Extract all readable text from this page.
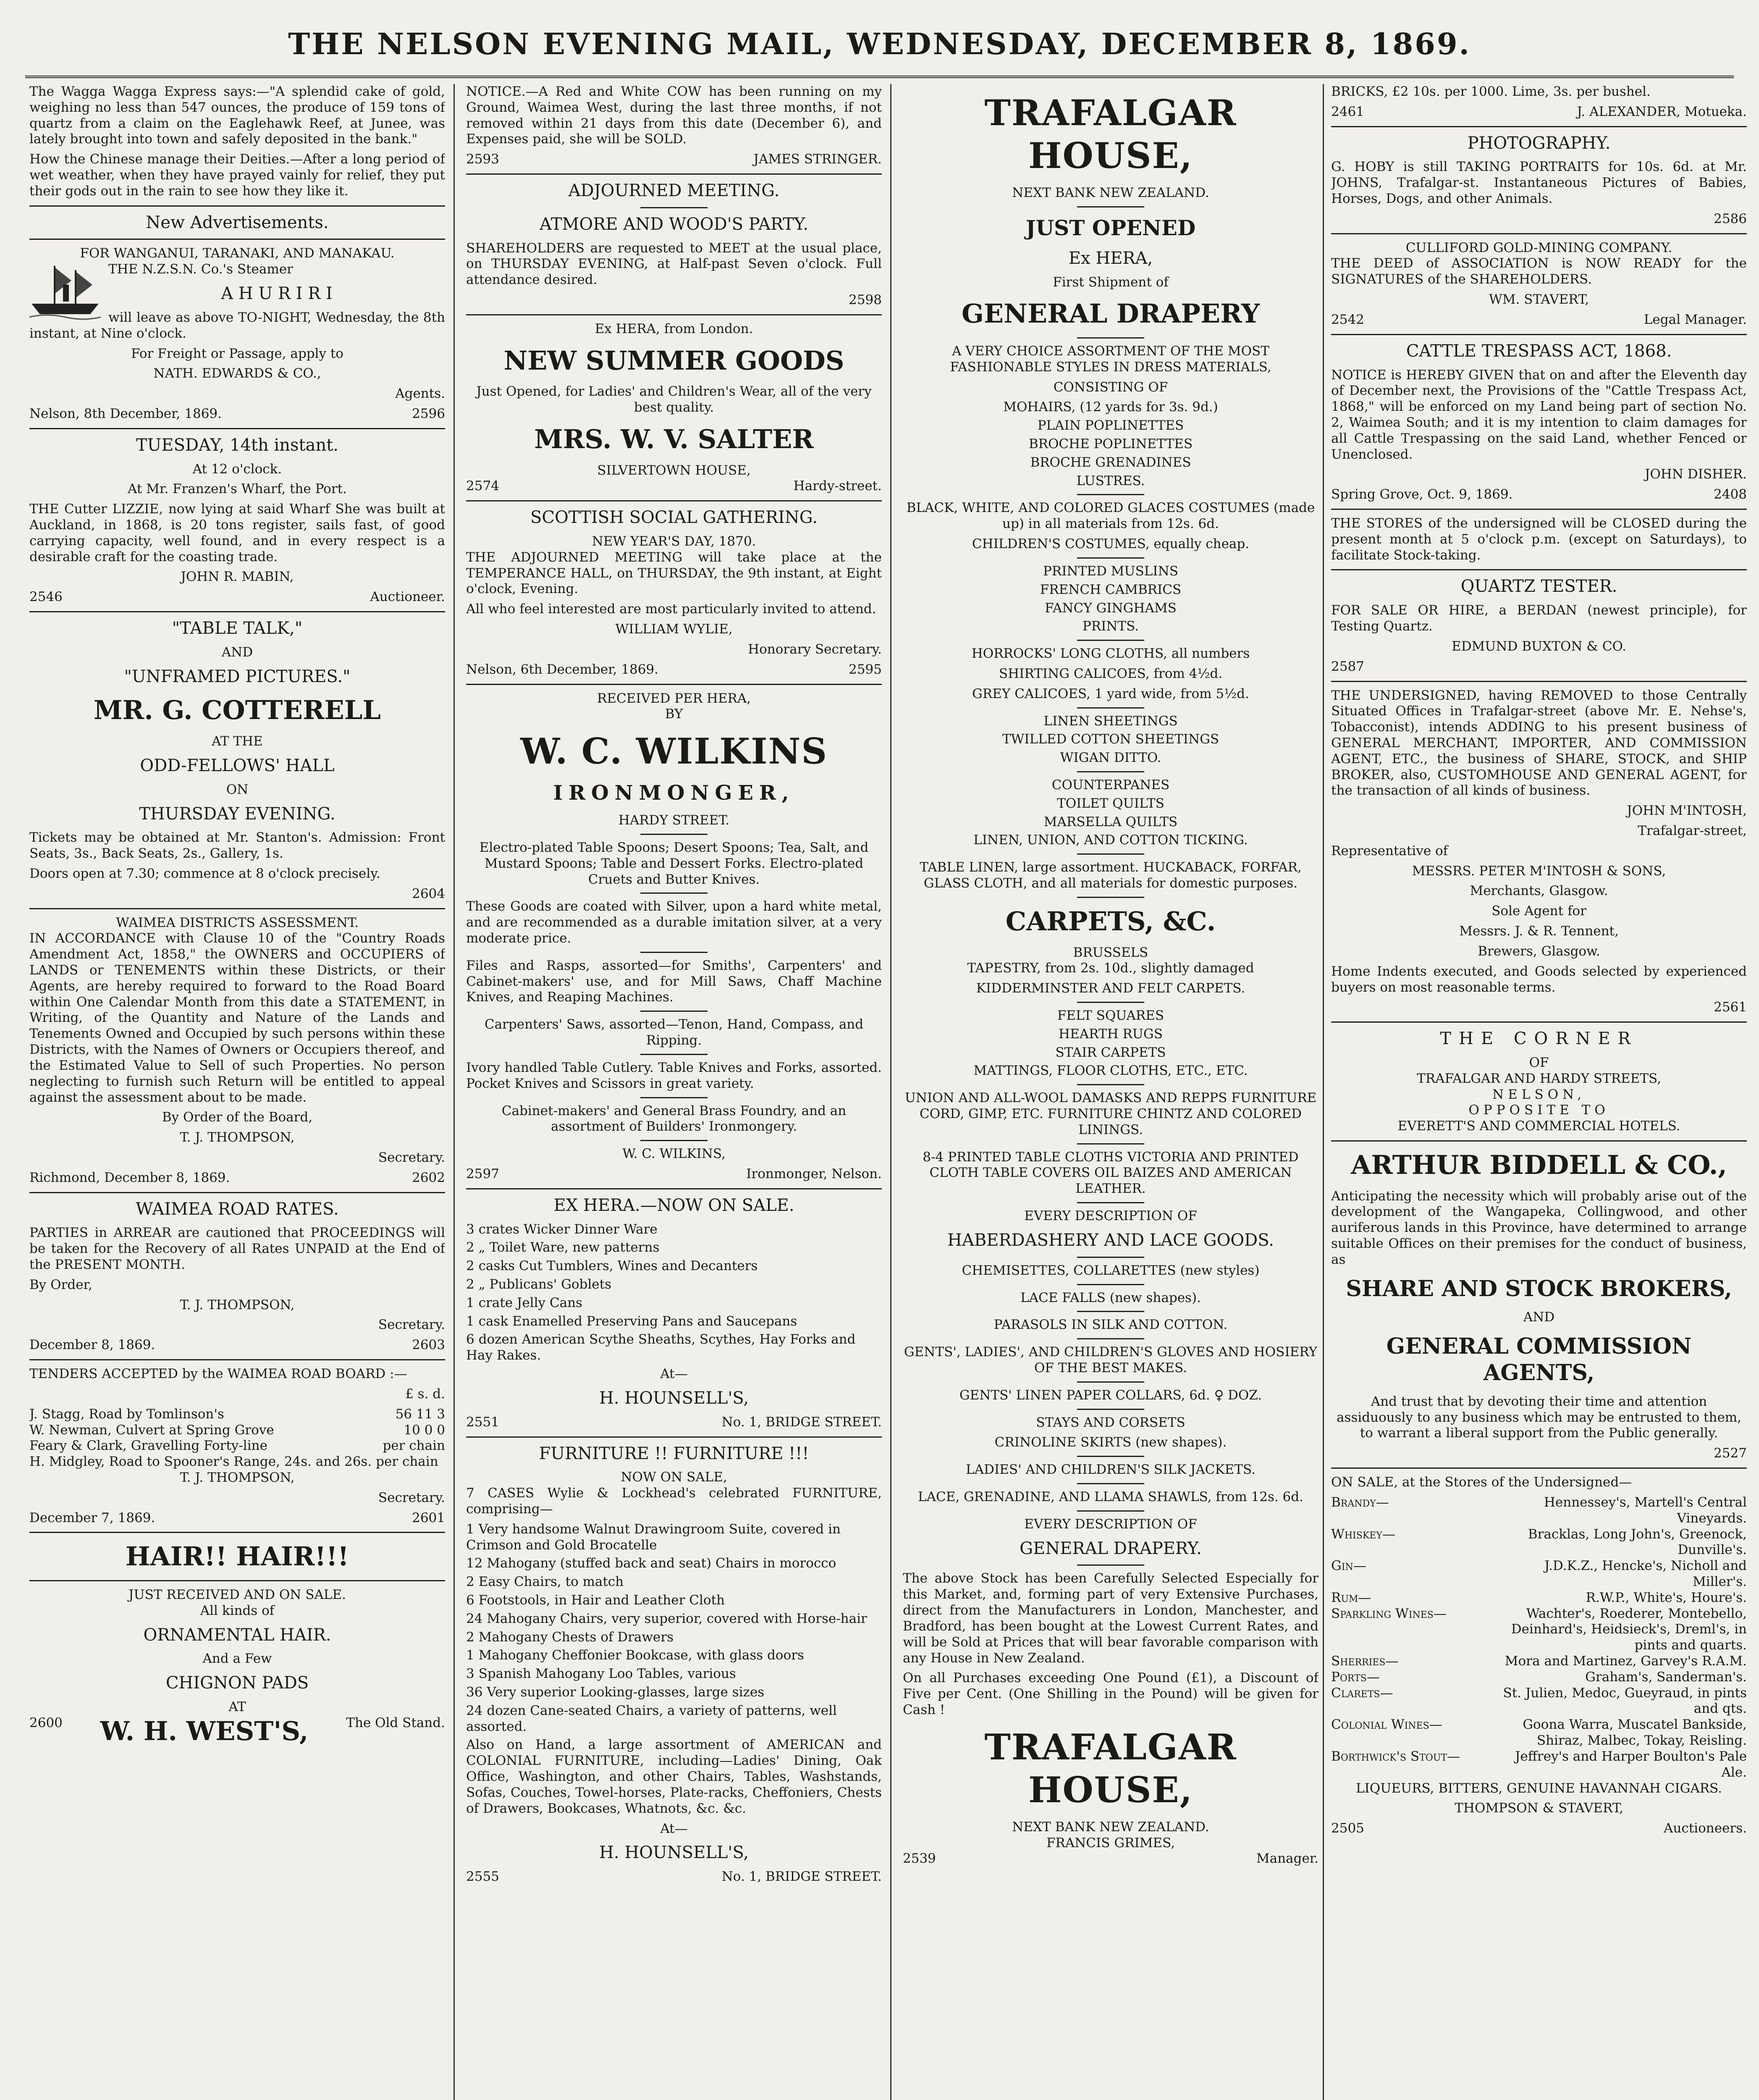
THE NELSON EVENING MAIL, WEDNESDAY, DECEMBER 8, 1869.

The Wagga Wagga Express says:—"A splendid cake of gold, weighing no less than 547 ounces, the produce of 159 tons of quartz from a claim on the Eaglehawk Reef, at Junee, was lately brought into town and safely deposited in the bank."

How the Chinese manage their Deities.—After a long period of wet weather, when they have prayed vainly for relief, they put their gods out in the rain to see how they like it.

New Advertisements.
FOR WANGANUI, TARANAKI, AND MANAKAU.

THE N.Z.S.N. Co.'s Steamer

A H U R I R I

will leave as above TO-NIGHT, Wednesday, the 8th instant, at Nine o'clock.

For Freight or Passage, apply to

NATH. EDWARDS & CO.,

Agents.

Nelson, 8th December, 1869.	2596
TUESDAY, 14th instant.

At 12 o'clock.

At Mr. Franzen's Wharf, the Port.

THE Cutter LIZZIE, now lying at said Wharf She was built at Auckland, in 1868, is 20 tons register, sails fast, of good carrying capacity, well found, and in every respect is a desirable craft for the coasting trade.

JOHN R. MABIN,

2546	Auctioneer.
"TABLE TALK,"
AND
"UNFRAMED PICTURES."
MR. G. COTTERELL
AT THE
ODD-FELLOWS' HALL
ON
THURSDAY EVENING.

Tickets may be obtained at Mr. Stanton's. Admission: Front Seats, 3s., Back Seats, 2s., Gallery, 1s.

Doors open at 7.30; commence at 8 o'clock precisely.

2604

WAIMEA DISTRICTS ASSESSMENT.

IN ACCORDANCE with Clause 10 of the "Country Roads Amendment Act, 1858," the OWNERS and OCCUPIERS of LANDS or TENEMENTS within these Districts, or their Agents, are hereby required to forward to the Road Board within One Calendar Month from this date a STATEMENT, in Writing, of the Quantity and Nature of the Lands and Tenements Owned and Occupied by such persons within these Districts, with the Names of Owners or Occupiers thereof, and the Estimated Value to Sell of such Properties. No person neglecting to furnish such Return will be entitled to appeal against the assessment about to be made.

By Order of the Board,

T. J. THOMPSON,

Secretary.

Richmond, December 8, 1869.	2602
WAIMEA ROAD RATES.

PARTIES in ARREAR are cautioned that PROCEEDINGS will be taken for the Recovery of all Rates UNPAID at the End of the PRESENT MONTH.

By Order,

T. J. THOMPSON,

Secretary.

December 8, 1869.	2603

TENDERS ACCEPTED by the WAIMEA ROAD BOARD :—

£ s. d.

J. Stagg, Road by Tomlinson's	56 11 3
W. Newman, Culvert at Spring Grove	10 0 0
Feary & Clark, Gravelling Forty-line	per chain
H. Midgley, Road to Spooner's Range, 24s. and 26s. per chain

T. J. THOMPSON,

Secretary.

December 7, 1869.	2601
HAIR!! HAIR!!!
JUST RECEIVED AND ON SALE.
All kinds of
ORNAMENTAL HAIR.
And a Few
CHIGNON PADS
AT
2600 W. H. WEST'S,	The Old Stand.

NOTICE.—A Red and White COW has been running on my Ground, Waimea West, during the last three months, if not removed within 21 days from this date (December 6), and Expenses paid, she will be SOLD.

2593	JAMES STRINGER.
ADJOURNED MEETING.
ATMORE AND WOOD'S PARTY.

SHAREHOLDERS are requested to MEET at the usual place, on THURSDAY EVENING, at Half-past Seven o'clock. Full attendance desired.

2598

Ex HERA, from London.
NEW SUMMER GOODS

Just Opened, for Ladies' and Children's Wear, all of the very best quality.

MRS. W. V. SALTER
SILVERTOWN HOUSE,
2574	Hardy-street.
SCOTTISH SOCIAL GATHERING.
NEW YEAR'S DAY, 1870.

THE ADJOURNED MEETING will take place at the TEMPERANCE HALL, on THURSDAY, the 9th instant, at Eight o'clock, Evening.

All who feel interested are most particularly invited to attend.

WILLIAM WYLIE,

Honorary Secretary.

Nelson, 6th December, 1869.	2595
RECEIVED PER HERA,
BY
W. C. WILKINS
IRONMONGER,
HARDY STREET.

Electro-plated Table Spoons; Desert Spoons; Tea, Salt, and Mustard Spoons; Table and Dessert Forks. Electro-plated Cruets and Butter Knives.

These Goods are coated with Silver, upon a hard white metal, and are recommended as a durable imitation silver, at a very moderate price.

Files and Rasps, assorted—for Smiths', Carpenters' and Cabinet-makers' use, and for Mill Saws, Chaff Machine Knives, and Reaping Machines.

Carpenters' Saws, assorted—Tenon, Hand, Compass, and Ripping.

Ivory handled Table Cutlery. Table Knives and Forks, assorted. Pocket Knives and Scissors in great variety.

Cabinet-makers' and General Brass Foundry, and an assortment of Builders' Ironmongery.

W. C. WILKINS,

2597	Ironmonger, Nelson.
EX HERA.—NOW ON SALE.
3 crates Wicker Dinner Ware
2 „ Toilet Ware, new patterns
2 casks Cut Tumblers, Wines and Decanters
2 „ Publicans' Goblets
1 crate Jelly Cans
1 cask Enamelled Preserving Pans and Saucepans
6 dozen American Scythe Sheaths, Scythes, Hay Forks and Hay Rakes.
At—
H. HOUNSELL'S,
2551	No. 1, BRIDGE STREET.
FURNITURE !! FURNITURE !!!
NOW ON SALE,

7 CASES Wylie & Lockhead's celebrated FURNITURE, comprising—

1 Very handsome Walnut Drawingroom Suite, covered in Crimson and Gold Brocatelle
12 Mahogany (stuffed back and seat) Chairs in morocco
2 Easy Chairs, to match
6 Footstools, in Hair and Leather Cloth
24 Mahogany Chairs, very superior, covered with Horse-hair
2 Mahogany Chests of Drawers
1 Mahogany Cheffonier Bookcase, with glass doors
3 Spanish Mahogany Loo Tables, various
36 Very superior Looking-glasses, large sizes
24 dozen Cane-seated Chairs, a variety of patterns, well assorted.

Also on Hand, a large assortment of AMERICAN and COLONIAL FURNITURE, including—Ladies' Dining, Oak Office, Washington, and other Chairs, Tables, Washstands, Sofas, Couches, Towel-horses, Plate-racks, Cheffoniers, Chests of Drawers, Bookcases, Whatnots, &c. &c.

At—
H. HOUNSELL'S,
2555	No. 1, BRIDGE STREET.
TRAFALGAR HOUSE,
NEXT BANK NEW ZEALAND.
JUST OPENED
Ex HERA,
First Shipment of
GENERAL DRAPERY

A VERY CHOICE ASSORTMENT OF THE MOST FASHIONABLE STYLES IN DRESS MATERIALS,

CONSISTING OF

MOHAIRS, (12 yards for 3s. 9d.)
PLAIN POPLINETTES
BROCHE POPLINETTES
BROCHE GRENADINES
LUSTRES.

BLACK, WHITE, AND COLORED GLACES COSTUMES (made up) in all materials from 12s. 6d.

CHILDREN'S COSTUMES, equally cheap.

PRINTED MUSLINS
FRENCH CAMBRICS
FANCY GINGHAMS
PRINTS.

HORROCKS' LONG CLOTHS, all numbers

SHIRTING CALICOES, from 4½d.

GREY CALICOES, 1 yard wide, from 5½d.

LINEN SHEETINGS
TWILLED COTTON SHEETINGS
WIGAN DITTO.
COUNTERPANES
TOILET QUILTS
MARSELLA QUILTS
LINEN, UNION, AND COTTON TICKING.

TABLE LINEN, large assortment. HUCKABACK, FORFAR, GLASS CLOTH, and all materials for domestic purposes.

CARPETS, &C.
BRUSSELS

TAPESTRY, from 2s. 10d., slightly damaged

KIDDERMINSTER AND FELT CARPETS.

FELT SQUARES
HEARTH RUGS
STAIR CARPETS
MATTINGS, FLOOR CLOTHS, ETC., ETC.

UNION AND ALL-WOOL DAMASKS AND REPPS FURNITURE CORD, GIMP, ETC. FURNITURE CHINTZ AND COLORED LININGS.

8-4 PRINTED TABLE CLOTHS VICTORIA AND PRINTED CLOTH TABLE COVERS OIL BAIZES AND AMERICAN LEATHER.

EVERY DESCRIPTION OF
HABERDASHERY AND LACE GOODS.

CHEMISETTES, COLLARETTES (new styles)

LACE FALLS (new shapes).

PARASOLS IN SILK AND COTTON.

GENTS', LADIES', AND CHILDREN'S GLOVES AND HOSIERY OF THE BEST MAKES.

GENTS' LINEN PAPER COLLARS, 6d. ♀ DOZ.

STAYS AND CORSETS

CRINOLINE SKIRTS (new shapes).

LADIES' AND CHILDREN'S SILK JACKETS.

LACE, GRENADINE, AND LLAMA SHAWLS, from 12s. 6d.

EVERY DESCRIPTION OF
GENERAL DRAPERY.

The above Stock has been Carefully Selected Especially for this Market, and, forming part of very Extensive Purchases, direct from the Manufacturers in London, Manchester, and Bradford, has been bought at the Lowest Current Rates, and will be Sold at Prices that will bear favorable comparison with any House in New Zealand.

On all Purchases exceeding One Pound (£1), a Discount of Five per Cent. (One Shilling in the Pound) will be given for Cash !

TRAFALGAR HOUSE,
NEXT BANK NEW ZEALAND.
FRANCIS GRIMES,
2539	Manager.

BRICKS, £2 10s. per 1000. Lime, 3s. per bushel.

2461	J. ALEXANDER, Motueka.
PHOTOGRAPHY.

G. HOBY is still TAKING PORTRAITS for 10s. 6d. at Mr. JOHNS, Trafalgar-st. Instantaneous Pictures of Babies, Horses, Dogs, and other Animals.

2586

CULLIFORD GOLD-MINING COMPANY.

THE DEED of ASSOCIATION is NOW READY for the SIGNATURES of the SHAREHOLDERS.

WM. STAVERT,

2542	Legal Manager.
CATTLE TRESPASS ACT, 1868.

NOTICE is HEREBY GIVEN that on and after the Eleventh day of December next, the Provisions of the "Cattle Trespass Act, 1868," will be enforced on my Land being part of section No. 2, Waimea South; and it is my intention to claim damages for all Cattle Trespassing on the said Land, whether Fenced or Unenclosed.

JOHN DISHER.

Spring Grove, Oct. 9, 1869.	2408

THE STORES of the undersigned will be CLOSED during the present month at 5 o'clock p.m. (except on Saturdays), to facilitate Stock-taking.

QUARTZ TESTER.

FOR SALE OR HIRE, a BERDAN (newest principle), for Testing Quartz.

EDMUND BUXTON & CO.

2587

THE UNDERSIGNED, having REMOVED to those Centrally Situated Offices in Trafalgar-street (above Mr. E. Nehse's, Tobacconist), intends ADDING to his present business of GENERAL MERCHANT, IMPORTER, AND COMMISSION AGENT, ETC., the business of SHARE, STOCK, and SHIP BROKER, also, CUSTOMHOUSE AND GENERAL AGENT, for the transaction of all kinds of business.

JOHN M'INTOSH,

Trafalgar-street,

Representative of

MESSRS. PETER M'INTOSH & SONS,

Merchants, Glasgow.

Sole Agent for

Messrs. J. & R. Tennent,

Brewers, Glasgow.

Home Indents executed, and Goods selected by experienced buyers on most reasonable terms.

2561

THE CORNER
OF
TRAFALGAR AND HARDY STREETS,
NELSON,
OPPOSITE TO
EVERETT'S AND COMMERCIAL HOTELS.
ARTHUR BIDDELL & CO.,

Anticipating the necessity which will probably arise out of the development of the Wangapeka, Collingwood, and other auriferous lands in this Province, have determined to arrange suitable Offices on their premises for the conduct of business, as

SHARE AND STOCK BROKERS,
AND
GENERAL COMMISSION AGENTS,

And trust that by devoting their time and attention assiduously to any business which may be entrusted to them, to warrant a liberal support from the Public generally.

2527

ON SALE, at the Stores of the Undersigned—

Brandy—	Hennessey's, Martell's Central Vineyards.
Whiskey—	Bracklas, Long John's, Greenock, Dunville's.
Gin—	J.D.K.Z., Hencke's, Nicholl and Miller's.
Rum—	R.W.P., White's, Houre's.
Sparkling Wines—	Wachter's, Roederer, Montebello, Deinhard's, Heidsieck's, Dreml's, in pints and quarts.
Sherries—	Mora and Martinez, Garvey's R.A.M.
Ports—	Graham's, Sanderman's.
Clarets—	St. Julien, Medoc, Gueyraud, in pints and qts.
Colonial Wines—	Goona Warra, Muscatel Bankside, Shiraz, Malbec, Tokay, Reisling.
Borthwick's Stout—	Jeffrey's and Harper Boulton's Pale Ale.

LIQUEURS, BITTERS, GENUINE HAVANNAH CIGARS.

THOMPSON & STAVERT,

2505	Auctioneers.
